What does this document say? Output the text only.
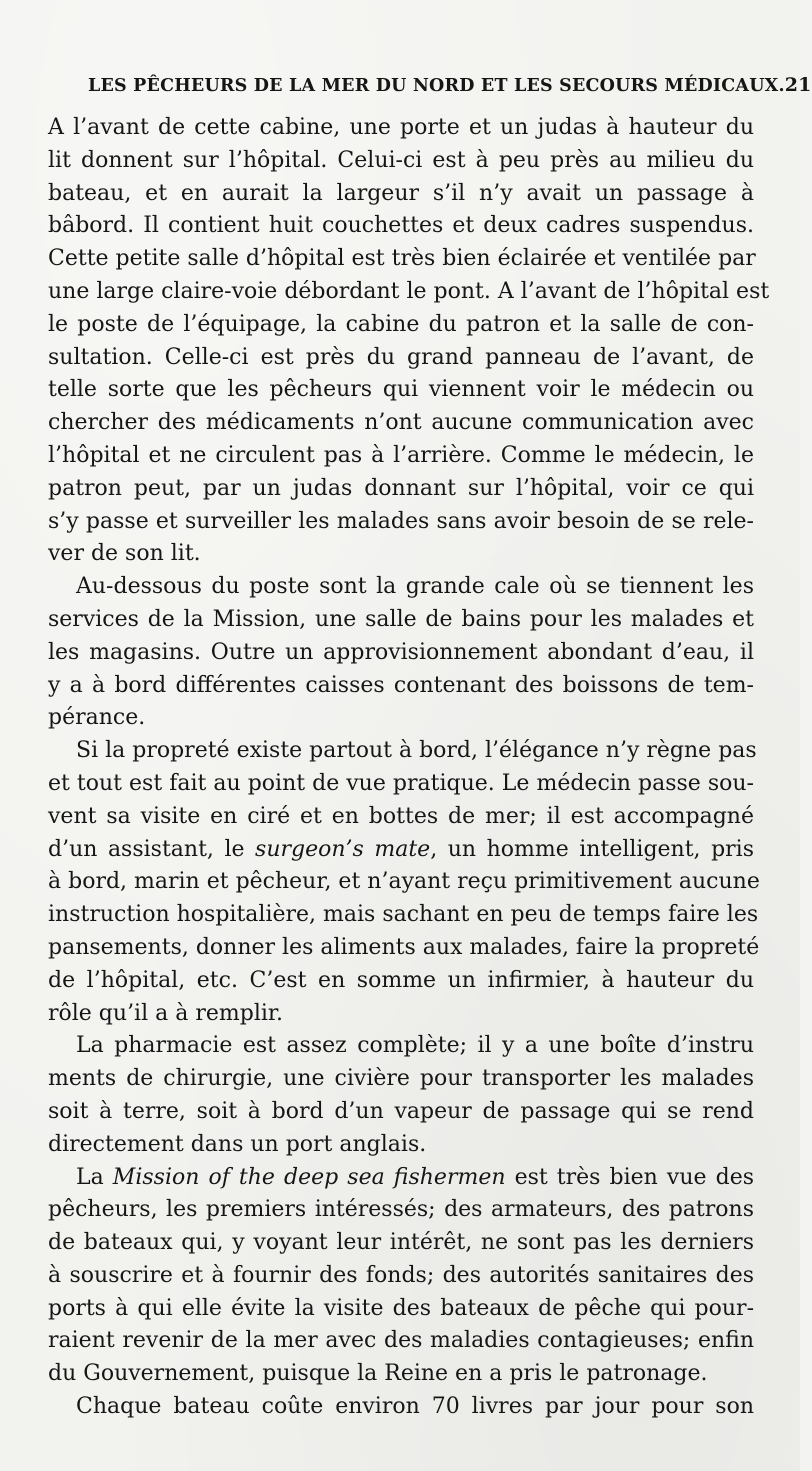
LES PÊCHEURS DE LA MER DU NORD ET LES SECOURS MÉDICAUX. 21
A l’avant de cette cabine, une porte et un judas à hauteur du
lit donnent sur l’hôpital. Celui-ci est à peu près au milieu du
bateau, et en aurait la largeur s’il n’y avait un passage à
bâbord. Il contient huit couchettes et deux cadres suspendus.
Cette petite salle d’hôpital est très bien éclairée et ventilée par
une large claire-voie débordant le pont. A l’avant de l’hôpital est
le poste de l’équipage, la cabine du patron et la salle de con-
sultation. Celle-ci est près du grand panneau de l’avant, de
telle sorte que les pêcheurs qui viennent voir le médecin ou
chercher des médicaments n’ont aucune communication avec
l’hôpital et ne circulent pas à l’arrière. Comme le médecin, le
patron peut, par un judas donnant sur l’hôpital, voir ce qui
s’y passe et surveiller les malades sans avoir besoin de se rele-
ver de son lit.
Au-dessous du poste sont la grande cale où se tiennent les
services de la Mission, une salle de bains pour les malades et
les magasins. Outre un approvisionnement abondant d’eau, il
y a à bord différentes caisses contenant des boissons de tem-
pérance.
Si la propreté existe partout à bord, l’élégance n’y règne pas
et tout est fait au point de vue pratique. Le médecin passe sou-
vent sa visite en ciré et en bottes de mer; il est accompagné
d’un assistant, le surgeon’s mate, un homme intelligent, pris
à bord, marin et pêcheur, et n’ayant reçu primitivement aucune
instruction hospitalière, mais sachant en peu de temps faire les
pansements, donner les aliments aux malades, faire la propreté
de l’hôpital, etc. C’est en somme un infirmier, à hauteur du
rôle qu’il a à remplir.
La pharmacie est assez complète; il y a une boîte d’instru
ments de chirurgie, une civière pour transporter les malades
soit à terre, soit à bord d’un vapeur de passage qui se rend
directement dans un port anglais.
La Mission of the deep sea fishermen est très bien vue des
pêcheurs, les premiers intéressés; des armateurs, des patrons
de bateaux qui, y voyant leur intérêt, ne sont pas les derniers
à souscrire et à fournir des fonds; des autorités sanitaires des
ports à qui elle évite la visite des bateaux de pêche qui pour-
raient revenir de la mer avec des maladies contagieuses; enfin
du Gouvernement, puisque la Reine en a pris le patronage.
Chaque bateau coûte environ 70 livres par jour pour son
